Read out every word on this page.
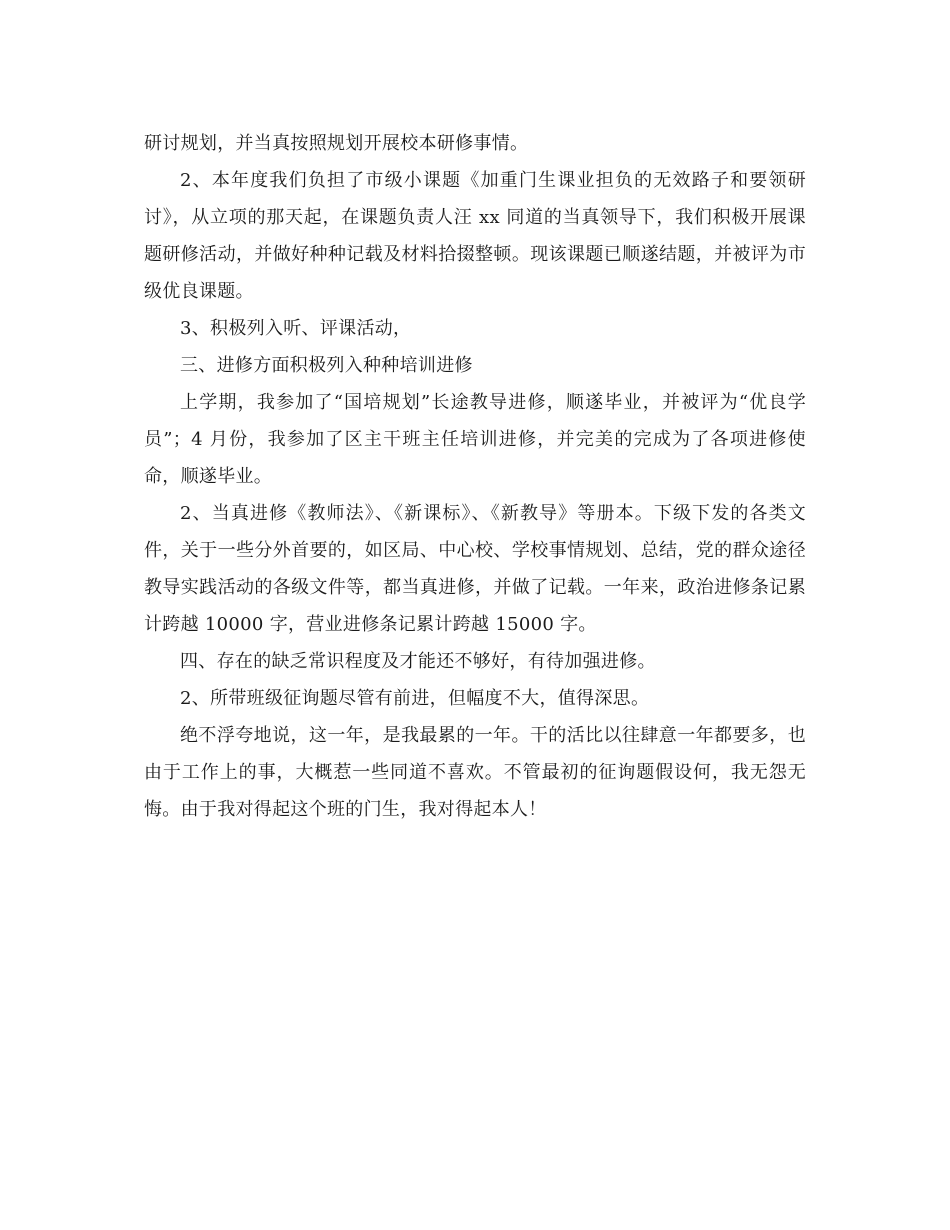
研讨规划，并当真按照规划开展校本研修事情。

2、本年度我们负担了市级小课题《加重门生课业担负的无效路子和要领研讨》，从立项的那天起，在课题负责人汪 xx 同道的当真领导下，我们积极开展课题研修活动，并做好种种记载及材料拾掇整顿。现该课题已顺遂结题，并被评为市级优良课题。

3、积极列入听、评课活动，

三、进修方面积极列入种种培训进修

上学期，我参加了“国培规划”长途教导进修，顺遂毕业，并被评为“优良学员”；4 月份，我参加了区主干班主任培训进修，并完美的完成为了各项进修使命，顺遂毕业。

2、当真进修《教师法》、《新课标》、《新教导》等册本。下级下发的各类文件，关于一些分外首要的，如区局、中心校、学校事情规划、总结，党的群众途径教导实践活动的各级文件等，都当真进修，并做了记载。一年来，政治进修条记累计跨越 10000 字，营业进修条记累计跨越 15000 字。

四、存在的缺乏常识程度及才能还不够好，有待加强进修。

2、所带班级征询题尽管有前进，但幅度不大，值得深思。

绝不浮夸地说，这一年，是我最累的一年。干的活比以往肆意一年都要多，也由于工作上的事，大概惹一些同道不喜欢。不管最初的征询题假设何，我无怨无悔。由于我对得起这个班的门生，我对得起本人！
